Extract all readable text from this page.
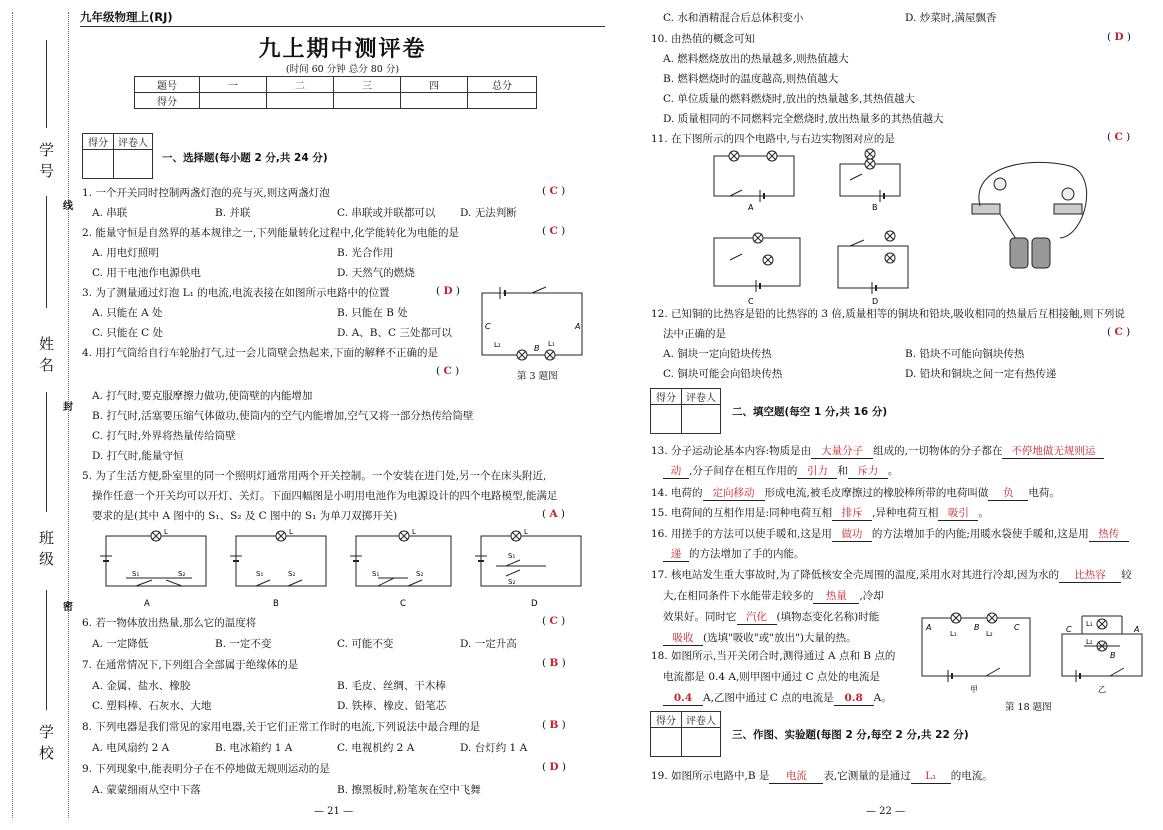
学号
姓名
班级
学校
线
封
密
九年级物理上(RJ)
九上期中测评卷
(时间 60 分钟 总分 80 分)
题号	一	二	三	四	总分
得分					
得分	评卷人

一、选择题(每小题 2 分,共 24 分)
1. 一个开关同时控制两盏灯泡的亮与灭,则这两盏灯泡	( C )
A. 串联	B. 并联	C. 串联或并联都可以 D. 无法判断
2. 能量守恒是自然界的基本规律之一,下列能量转化过程中,化学能转化为电能的是	( C )
A. 用电灯照明	B. 光合作用
C. 用干电池作电源供电	D. 天然气的燃烧
3. 为了测量通过灯泡 L₁ 的电流,电流表接在如图所示电路中的位置	( D )
A. 只能在 A 处	B. 只能在 B 处
C. 只能在 C 处	D. A、B、C 三处都可以
C	A
B
L₂	L₁
第 3 题图
4. 用打气筒给自行车轮胎打气,过一会儿筒壁会热起来,下面的解释不正确的是
( C )
A. 打气时,要克服摩擦力做功,使筒壁的内能增加
B. 打气时,活塞要压缩气体做功,使筒内的空气内能增加,空气又将一部分热传给筒壁
C. 打气时,外界将热量传给筒壁
D. 打气时,能量守恒
5. 为了生活方便,卧室里的同一个照明灯通常用两个开关控制。一个安装在进门处,另一个在床头附近,
操作任意一个开关均可以开灯、关灯。下面四幅图是小明用电池作为电源设计的四个电路模型,能满足
要求的是(其中 A 图中的 S₁、S₂ 及 C 图中的 S₁ 为单刀双掷开关)	( A )
L	L	L	L
S₁	S₂	S₁	S₂	S₁	S₂
S₁
S₂
A	B	C	D
6. 若一物体放出热量,那么它的温度将	( C )
A. 一定降低	B. 一定不变	C. 可能不变	D. 一定升高
7. 在通常情况下,下列组合全部属于绝缘体的是	( B )
A. 金属、盐水、橡胶	B. 毛皮、丝绸、干木棒
C. 塑料棒、石灰水、大地	D. 铁棒、橡皮、铅笔芯
8. 下列电器是我们常见的家用电器,关于它们正常工作时的电流,下列说法中最合理的是	( B )
A. 电风扇约 2 A	B. 电冰箱约 1 A	C. 电视机约 2 A	D. 台灯约 1 A
9. 下列现象中,能表明分子在不停地做无规则运动的是	( D )
A. 蒙蒙细雨从空中下落	B. 擦黑板时,粉笔灰在空中飞舞
— 21 —
C. 水和酒精混合后总体积变小	D. 炒菜时,满屋飘香
10. 由热值的概念可知	( D )
A. 燃料燃烧放出的热量越多,则热值越大
B. 燃料燃烧时的温度越高,则热值越大
C. 单位质量的燃料燃烧时,放出的热量越多,其热值越大
D. 质量相同的不同燃料完全燃烧时,放出热量多的其热值越大
11. 在下图所示的四个电路中,与右边实物图对应的是	( C )
A	B
C	D
12. 已知铜的比热容是铅的比热容的 3 倍,质量相等的铜块和铅块,吸收相同的热量后互相接触,则下列说
法中正确的是	( C )
A. 铜块一定向铅块传热	B. 铅块不可能向铜块传热
C. 铜块可能会向铅块传热	D. 铅块和铜块之间一定有热传递
得分	评卷人

二、填空题(每空 1 分,共 16 分)
13. 分子运动论基本内容:物质是由 大量分子 组成的,一切物体的分子都在 不停地做无规则运
动 ,分子间存在相互作用的 引力 和 斥力 。
14. 电荷的 定向移动 形成电流,被毛皮摩擦过的橡胶棒所带的电荷叫做 负 电荷。
15. 电荷间的互相作用是:同种电荷互相 排斥 ,异种电荷互相 吸引 。
16. 用搓手的方法可以使手暖和,这是用 做功 的方法增加手的内能;用暖水袋使手暖和,这是用 热传
递 的方法增加了手的内能。
17. 核电站发生重大事故时,为了降低核安全壳周围的温度,采用水对其进行冷却,因为水的 比热容 较
大,在相同条件下水能带走较多的 热量 ,冷却
效果好。同时它 汽化 (填物态变化名称)时能
吸收 (选填"吸收"或"放出")大量的热。
18. 如图所示,当开关闭合时,测得通过 A 点和 B 点的
电流都是 0.4 A,则甲图中通过 C 点处的电流是
0.4 A,乙图中通过 C 点的电流是 0.8 A。
A	B	C
L₁	L₂	C	A
B
L₁
L₂
甲	乙
第 18 题图
得分	评卷人

三、作图、实验题(每图 2 分,每空 2 分,共 22 分)
19. 如图所示电路中,B 是 电流 表,它测量的是通过 L₁ 的电流。
— 22 —
